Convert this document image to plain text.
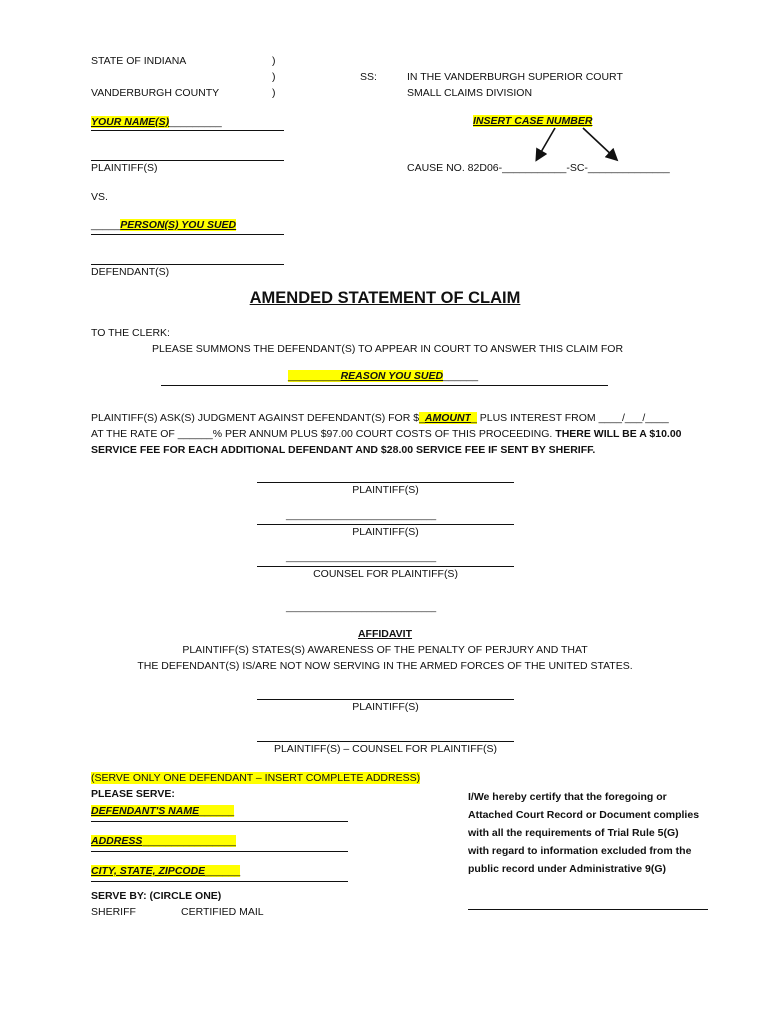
STATE OF INDIANA
VANDERBURGH COUNTY
)
)
)
SS:	IN THE VANDERBURGH SUPERIOR COURT
SMALL CLAIMS DIVISION
YOUR NAME(S)_________
PLAINTIFF(S)
VS.
_____PERSON(S) YOU SUED
DEFENDANT(S)
INSERT CASE NUMBER
CAUSE NO. 82D06-___________-SC-______________
AMENDED STATEMENT OF CLAIM
TO THE CLERK:
PLEASE SUMMONS THE DEFENDANT(S) TO APPEAR IN COURT TO ANSWER THIS CLAIM FOR
_________REASON YOU SUED______
PLAINTIFF(S) ASK(S) JUDGMENT AGAINST DEFENDANT(S) FOR $_AMOUNT_ PLUS INTEREST FROM ____/___/____
AT THE RATE OF ______% PER ANNUM PLUS $97.00 COURT COSTS OF THIS PROCEEDING. THERE WILL BE A $10.00
SERVICE FEE FOR EACH ADDITIONAL DEFENDANT AND $28.00 SERVICE FEE IF SENT BY SHERIFF.
PLAINTIFF(S)
______________________________
PLAINTIFF(S)
______________________________
COUNSEL FOR PLAINTIFF(S)
______________________________
AFFIDAVIT
PLAINTIFF(S) STATES(S) AWARENESS OF THE PENALTY OF PERJURY AND THAT
THE DEFENDANT(S) IS/ARE NOT NOW SERVING IN THE ARMED FORCES OF THE UNITED STATES.
PLAINTIFF(S)
PLAINTIFF(S) – COUNSEL FOR PLAINTIFF(S)
(SERVE ONLY ONE DEFENDANT – INSERT COMPLETE ADDRESS)
PLEASE SERVE:
DEFENDANT'S NAME______
ADDRESS________________
CITY, STATE, ZIPCODE______
SERVE BY: (CIRCLE ONE)
SHERIFF	CERTIFIED MAIL
I/We hereby certify that the foregoing or
Attached Court Record or Document complies
with all the requirements of Trial Rule 5(G)
with regard to information excluded from the
public record under Administrative 9(G)
